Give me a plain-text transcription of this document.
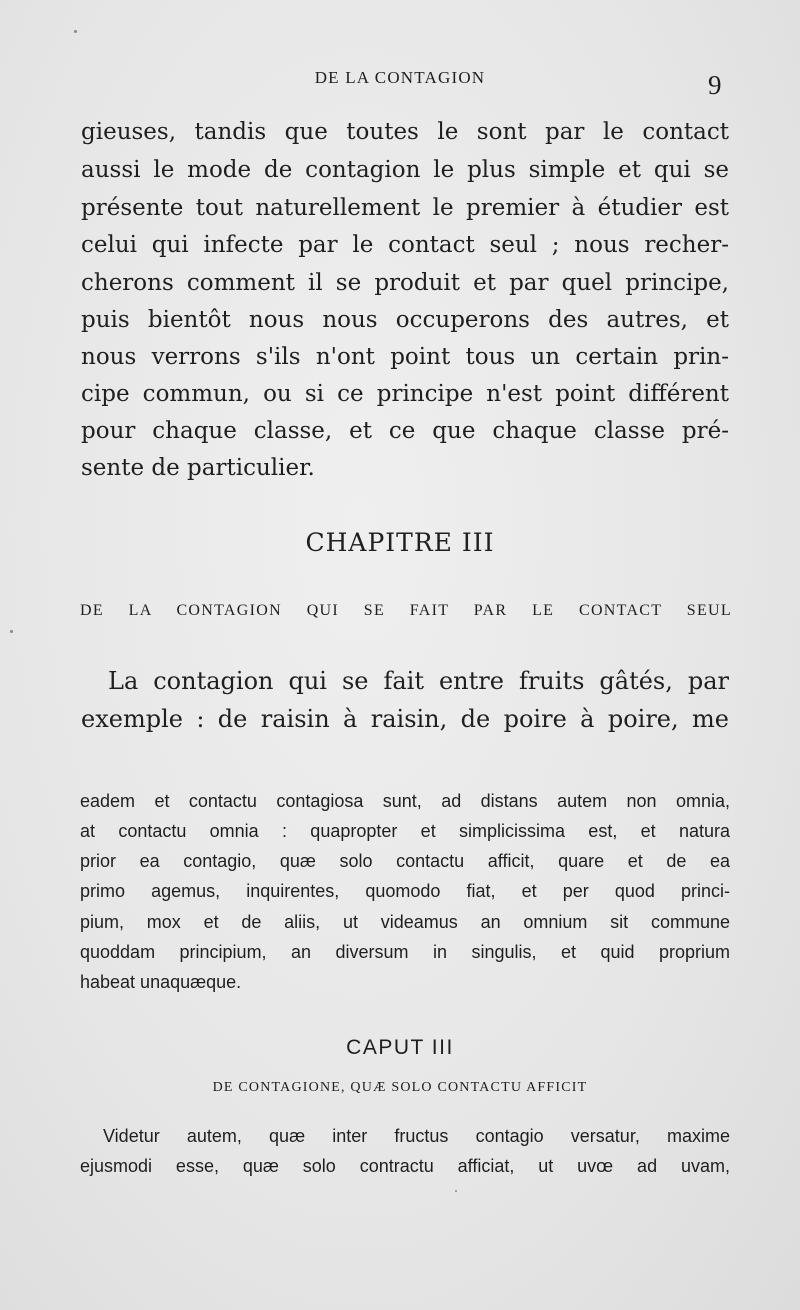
DE LA CONTAGION	9
gieuses, tandis que toutes le sont par le contact
aussi le mode de contagion le plus simple et qui se
présente tout naturellement le premier à étudier est
celui qui infecte par le contact seul ; nous recher-
cherons comment il se produit et par quel principe,
puis bientôt nous nous occuperons des autres, et
nous verrons s'ils n'ont point tous un certain prin-
cipe commun, ou si ce principe n'est point différent
pour chaque classe, et ce que chaque classe pré-
sente de particulier.
CHAPITRE III
DE LA CONTAGION QUI SE FAIT PAR LE CONTACT SEUL
La contagion qui se fait entre fruits gâtés, par
exemple : de raisin à raisin, de poire à poire, me
eadem et contactu contagiosa sunt, ad distans autem non omnia,
at contactu omnia : quapropter et simplicissima est, et natura
prior ea contagio, quæ solo contactu afficit, quare et de ea
primo agemus, inquirentes, quomodo fiat, et per quod princi-
pium, mox et de aliis, ut videamus an omnium sit commune
quoddam principium, an diversum in singulis, et quid proprium
habeat unaquæque.
CAPUT III
DE CONTAGIONE, QUÆ SOLO CONTACTU AFFICIT
Videtur autem, quæ inter fructus contagio versatur, maxime
ejusmodi esse, quæ solo contractu afficiat, ut uvœ ad uvam,
